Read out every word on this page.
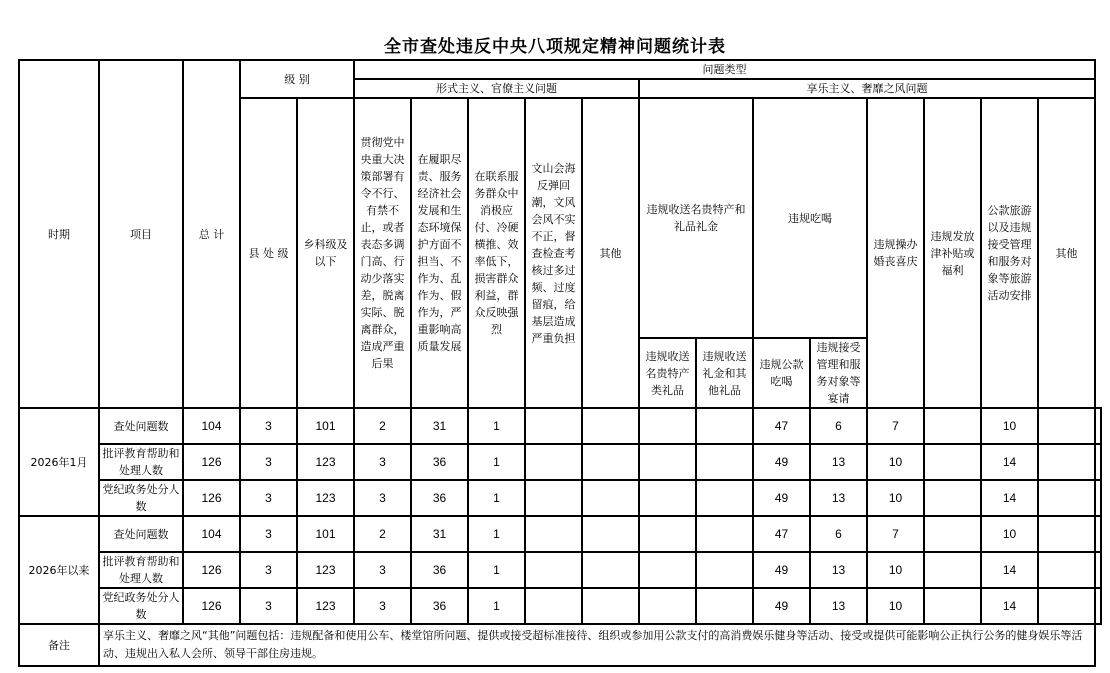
全市查处违反中央八项规定精神问题统计表
时期	项目	总 计	级 别		问题类型													
					形式主义、官僚主义问题					享乐主义、奢靡之风问题								
			县 处 级	乡科级及以下	贯彻党中央重大决策部署有令不行、有禁不止，或者表态多调门高、行动少落实差，脱离实际、脱离群众，造成严重后果	在履职尽责、服务经济社会发展和生态环境保护方面不担当、不作为、乱作为、假作为，严重影响高质量发展	在联系服务群众中消极应付、冷硬横推、效率低下，损害群众利益，群众反映强烈	文山会海反弹回潮，文风会风不实不正，督查检查考核过多过频、过度留痕，给基层造成严重负担	其他	违规收送名贵特产和礼品礼金		违规吃喝		违规操办婚丧喜庆	违规发放津补贴或福利	公款旅游以及违规接受管理和服务对象等旅游活动安排	其他	
										违规收送名贵特产类礼品	违规收送礼金和其他礼品	违规公款吃喝	违规接受管理和服务对象等宴请					
2026年1月	查处问题数	104	3	101	2	31	1					47	6	7		10		
	批评教育帮助和处理人数	126	3	123	3	36	1					49	13	10		14		
	党纪政务处分人数	126	3	123	3	36	1					49	13	10		14		
2026年以来	查处问题数	104	3	101	2	31	1					47	6	7		10		
	批评教育帮助和处理人数	126	3	123	3	36	1					49	13	10		14		
	党纪政务处分人数	126	3	123	3	36	1					49	13	10		14		
备注	享乐主义、奢靡之风“其他”问题包括：违规配备和使用公车、楼堂馆所问题、提供或接受超标准接待、组织或参加用公款支付的高消费娱乐健身等活动、接受或提供可能影响公正执行公务的健身娱乐等活动、违规出入私人会所、领导干部住房违规。																	
